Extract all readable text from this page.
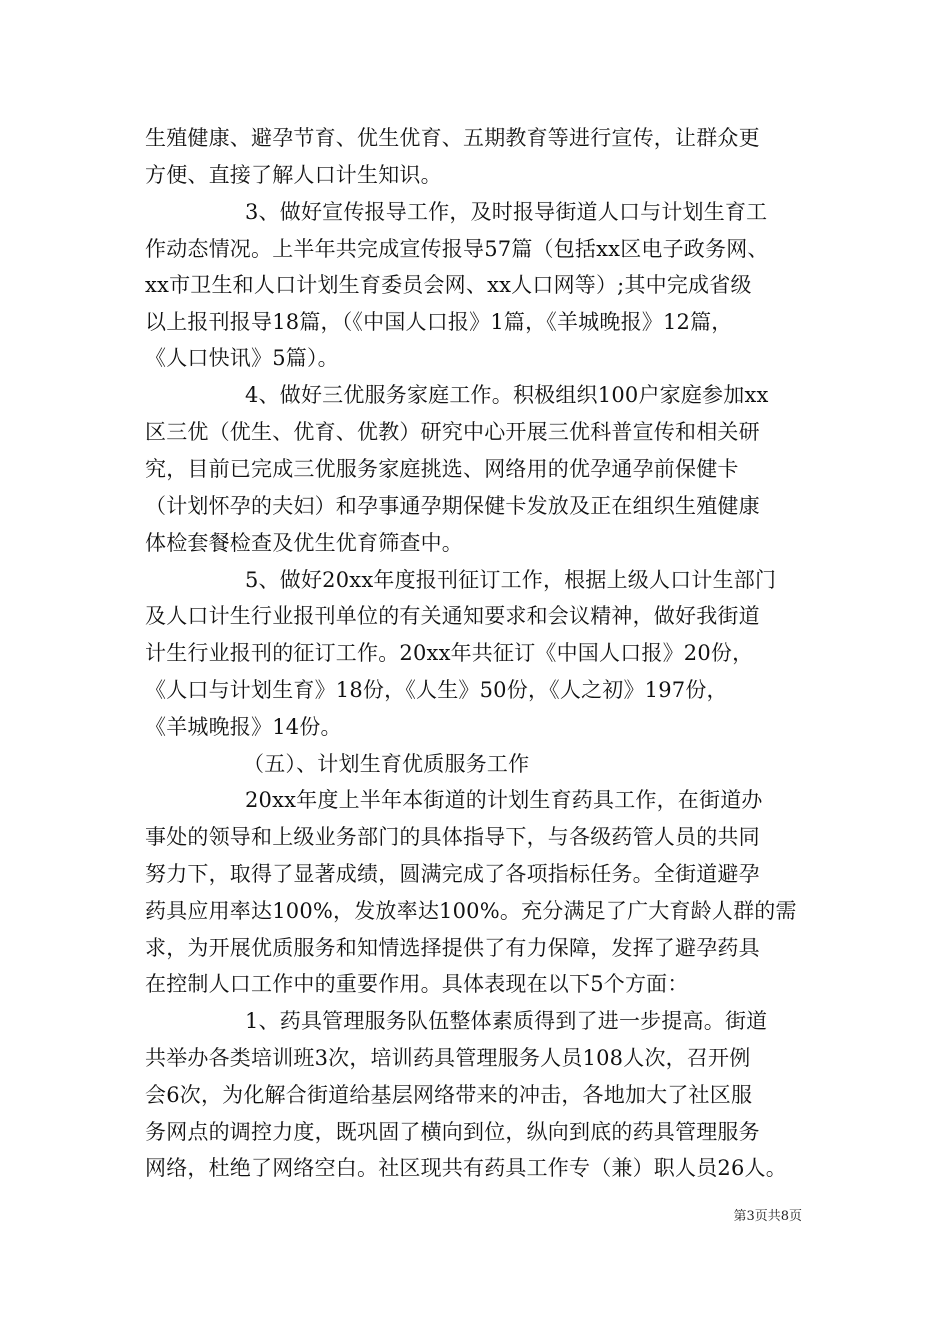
生殖健康、避孕节育、优生优育、五期教育等进行宣传，让群众更
方便、直接了解人口计生知识。
3、做好宣传报导工作，及时报导街道人口与计划生育工
作动态情况。上半年共完成宣传报导57篇（包括xx区电子政务网、
xx市卫生和人口计划生育委员会网、xx人口网等）;其中完成省级
以上报刊报导18篇，（《中国人口报》1篇，《羊城晚报》12篇，
《人口快讯》5篇）。
4、做好三优服务家庭工作。积极组织100户家庭参加xx
区三优（优生、优育、优教）研究中心开展三优科普宣传和相关研
究，目前已完成三优服务家庭挑选、网络用的优孕通孕前保健卡
（计划怀孕的夫妇）和孕事通孕期保健卡发放及正在组织生殖健康
体检套餐检查及优生优育筛查中。
5、做好20xx年度报刊征订工作，根据上级人口计生部门
及人口计生行业报刊单位的有关通知要求和会议精神，做好我街道
计生行业报刊的征订工作。20xx年共征订《中国人口报》20份，
《人口与计划生育》18份，《人生》50份，《人之初》197份，
《羊城晚报》14份。
（五）、计划生育优质服务工作
20xx年度上半年本街道的计划生育药具工作，在街道办
事处的领导和上级业务部门的具体指导下，与各级药管人员的共同
努力下，取得了显著成绩，圆满完成了各项指标任务。全街道避孕
药具应用率达100%，发放率达100%。充分满足了广大育龄人群的需
求，为开展优质服务和知情选择提供了有力保障，发挥了避孕药具
在控制人口工作中的重要作用。具体表现在以下5个方面：
1、药具管理服务队伍整体素质得到了进一步提高。街道
共举办各类培训班3次，培训药具管理服务人员108人次，召开例
会6次，为化解合街道给基层网络带来的冲击，各地加大了社区服
务网点的调控力度，既巩固了横向到位，纵向到底的药具管理服务
网络，杜绝了网络空白。社区现共有药具工作专（兼）职人员26人。
第3页共8页
